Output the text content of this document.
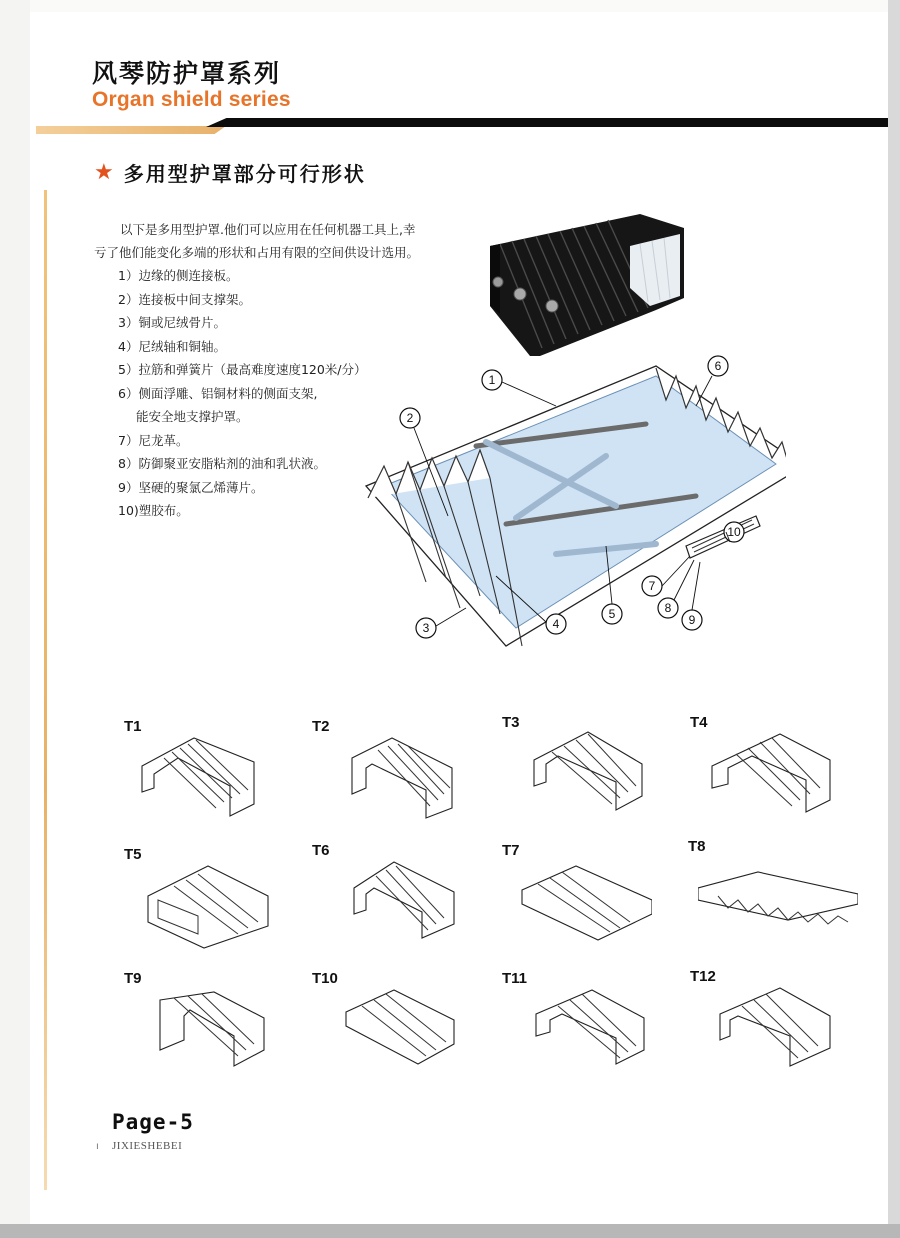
风琴防护罩系列
Organ shield series
★ 多用型护罩部分可行形状

以下是多用型护罩.他们可以应用在任何机器工具上,幸

亏了他们能变化多端的形状和占用有限的空间供设计选用。

1）边缘的侧连接板。
2）连接板中间支撑架。
3）铜或尼绒骨片。
4）尼绒轴和铜轴。
5）拉筋和弹簧片（最高难度速度120米/分）
6）侧面浮雕、铝铜材料的侧面支架,
能安全地支撑护罩。
7）尼龙革。
8）防御聚亚安脂粘剂的油和乳状液。
9）坚硬的聚氯乙烯薄片。
10)塑胶布。
1
2
3	4
5
6
7
8
9
10
T1	T2	T3	T4
T5	T6	T7	T8
T9	T10	T11	T12
Page-5
ı JIXIESHEBEI
